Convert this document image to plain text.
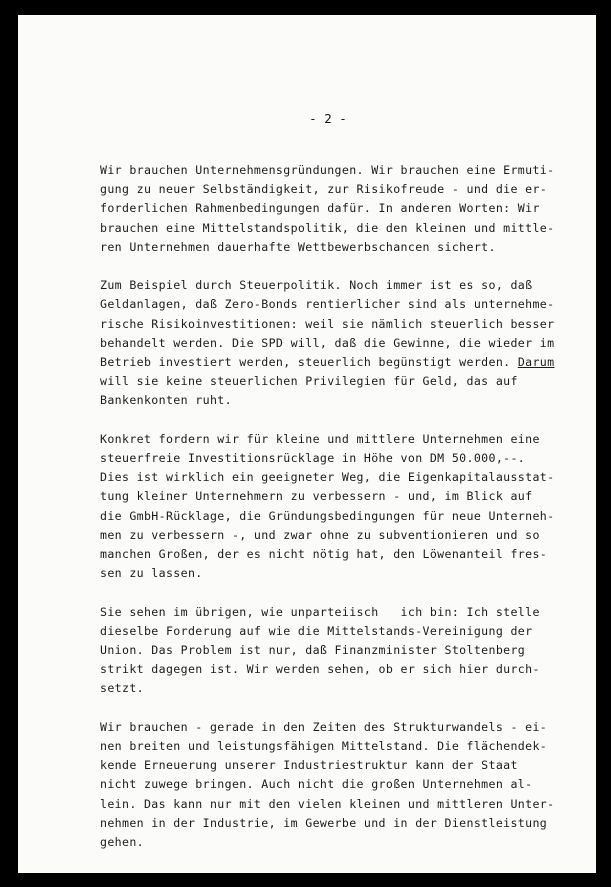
- 2 -

Wir brauchen Unternehmensgründungen. Wir brauchen eine Ermuti-
gung zu neuer Selbständigkeit, zur Risikofreude - und die er-
forderlichen Rahmenbedingungen dafür. In anderen Worten: Wir
brauchen eine Mittelstandspolitik, die den kleinen und mittle-
ren Unternehmen dauerhafte Wettbewerbschancen sichert.

Zum Beispiel durch Steuerpolitik. Noch immer ist es so, daß
Geldanlagen, daß Zero-Bonds rentierlicher sind als unternehme-
rische Risikoinvestitionen: weil sie nämlich steuerlich besser
behandelt werden. Die SPD will, daß die Gewinne, die wieder im
Betrieb investiert werden, steuerlich begünstigt werden. Darum
will sie keine steuerlichen Privilegien für Geld, das auf
Bankenkonten ruht.

Konkret fordern wir für kleine und mittlere Unternehmen eine
steuerfreie Investitionsrücklage in Höhe von DM 50.000,--.
Dies ist wirklich ein geeigneter Weg, die Eigenkapitalausstat-
tung kleiner Unternehmern zu verbessern - und, im Blick auf
die GmbH-Rücklage, die Gründungsbedingungen für neue Unterneh-
men zu verbessern -, und zwar ohne zu subventionieren und so
manchen Großen, der es nicht nötig hat, den Löwenanteil fres-
sen zu lassen.

Sie sehen im übrigen, wie unparteiisch   ich bin: Ich stelle
dieselbe Forderung auf wie die Mittelstands-Vereinigung der
Union. Das Problem ist nur, daß Finanzminister Stoltenberg
strikt dagegen ist. Wir werden sehen, ob er sich hier durch-
setzt.

Wir brauchen - gerade in den Zeiten des Strukturwandels - ei-
nen breiten und leistungsfähigen Mittelstand. Die flächendek-
kende Erneuerung unserer Industriestruktur kann der Staat
nicht zuwege bringen. Auch nicht die großen Unternehmen al-
lein. Das kann nur mit den vielen kleinen und mittleren Unter-
nehmen in der Industrie, im Gewerbe und in der Dienstleistung
gehen.
